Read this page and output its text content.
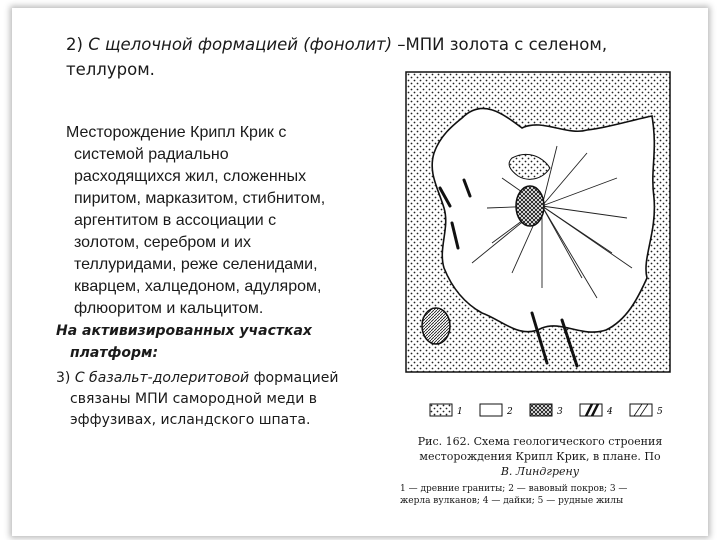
2) С щелочной формацией (фонолит) –МПИ золота с селеном,
теллуром.
Месторождение Крипл Крик с
системой радиально
расходящихся жил, сложенных
пиритом, марказитом, стибнитом,
аргентитом в ассоциации с
золотом, серебром и их
теллуридами, реже селенидами,
кварцем, халцедоном, адуляром,
флюоритом и кальцитом.
На активизированных участках
платформ:
3) С базальт-долеритовой формацией
связаны МПИ самородной меди в
эффузивах, исландского шпата.	1	2	3	4	5
Рис. 162. Схема геологического строения
месторождения Крипл Крик, в плане. По
В. Линдгрену
1 — древние граниты; 2 — вавовый покров; 3 —
жерла вулканов; 4 — дайки; 5 — рудные жилы
